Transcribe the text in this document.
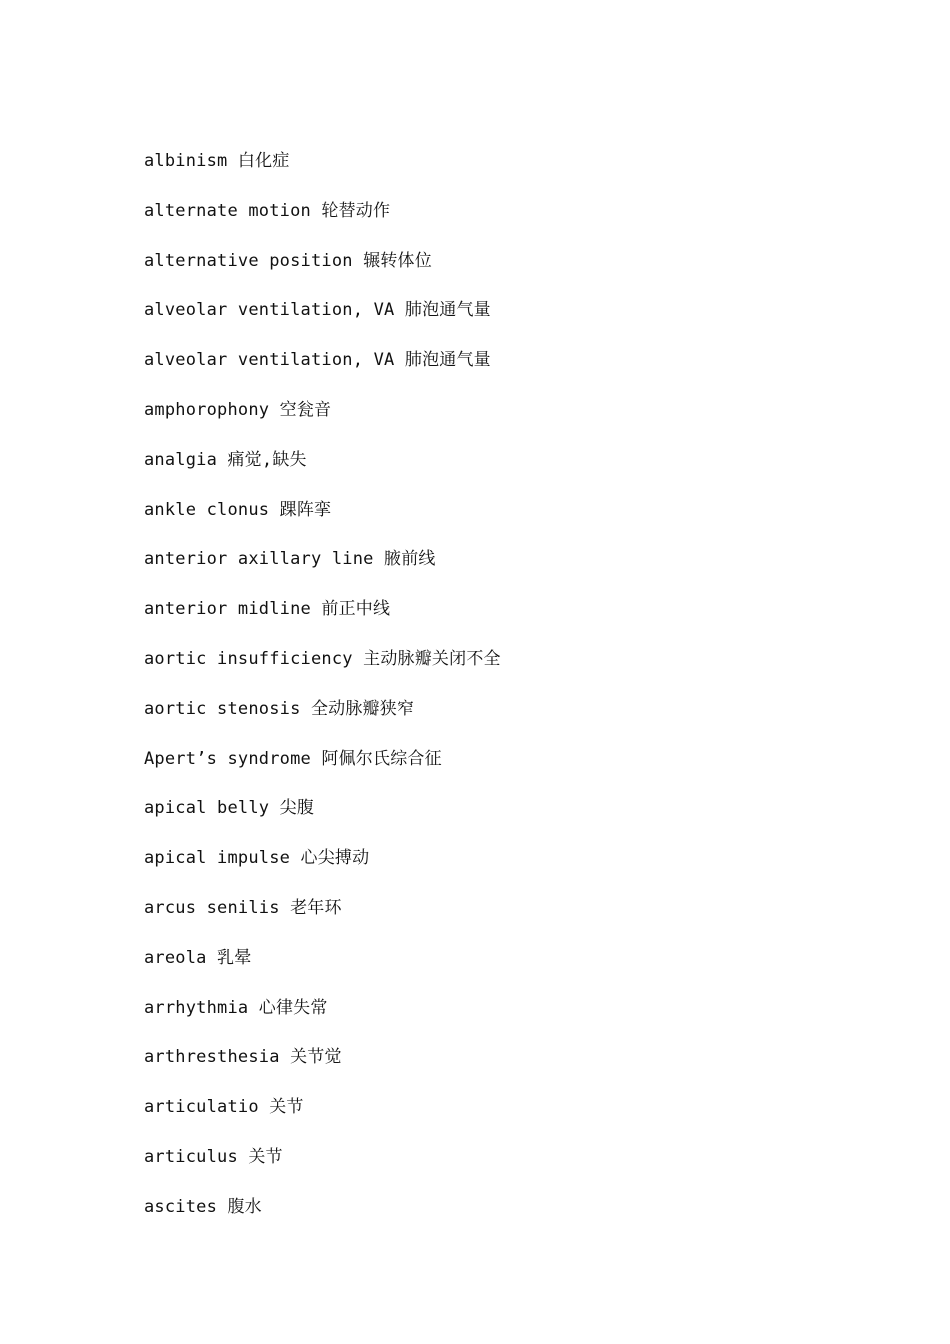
albinism 白化症
alternate motion 轮替动作
alternative position 辗转体位
alveolar ventilation, VA 肺泡通气量
alveolar ventilation, VA 肺泡通气量
amphorophony 空瓮音
analgia 痛觉,缺失
ankle clonus 踝阵挛
anterior axillary line 腋前线
anterior midline 前正中线
aortic insufficiency 主动脉瓣关闭不全
aortic stenosis 全动脉瓣狭窄
Apert’s syndrome 阿佩尔氏综合征
apical belly 尖腹
apical impulse 心尖搏动
arcus senilis 老年环
areola 乳晕
arrhythmia 心律失常
arthresthesia 关节觉
articulatio 关节
articulus 关节
ascites 腹水
